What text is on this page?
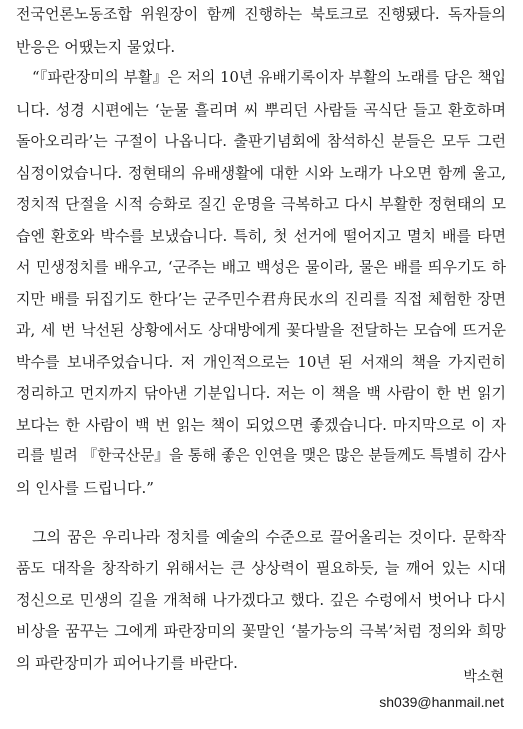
전국언론노동조합 위원장이 함께 진행하는 북토크로 진행됐다. 독자들의
반응은 어땠는지 물었다.
“『파란장미의 부활』은 저의 10년 유배기록이자 부활의 노래를 담은 책입
니다. 성경 시편에는 ‘눈물 흘리며 씨 뿌리던 사람들 곡식단 들고 환호하며
돌아오리라’는 구절이 나옵니다. 출판기념회에 참석하신 분들은 모두 그런
심정이었습니다. 정현태의 유배생활에 대한 시와 노래가 나오면 함께 울고,
정치적 단절을 시적 승화로 질긴 운명을 극복하고 다시 부활한 정현태의 모
습엔 환호와 박수를 보냈습니다. 특히, 첫 선거에 떨어지고 멸치 배를 타면
서 민생정치를 배우고, ‘군주는 배고 백성은 물이라, 물은 배를 띄우기도 하
지만 배를 뒤집기도 한다’는 군주민수君舟民水의 진리를 직접 체험한 장면
과, 세 번 낙선된 상황에서도 상대방에게 꽃다발을 전달하는 모습에 뜨거운
박수를 보내주었습니다. 저 개인적으로는 10년 된 서재의 책을 가지런히
정리하고 먼지까지 닦아낸 기분입니다. 저는 이 책을 백 사람이 한 번 읽기
보다는 한 사람이 백 번 읽는 책이 되었으면 좋겠습니다. 마지막으로 이 자
리를 빌려 『한국산문』을 통해 좋은 인연을 맺은 많은 분들께도 특별히 감사
의 인사를 드립니다.”
그의 꿈은 우리나라 정치를 예술의 수준으로 끌어올리는 것이다. 문학작
품도 대작을 창작하기 위해서는 큰 상상력이 필요하듯, 늘 깨어 있는 시대
정신으로 민생의 길을 개척해 나가겠다고 했다. 깊은 수렁에서 벗어나 다시
비상을 꿈꾸는 그에게 파란장미의 꽃말인 ‘불가능의 극복’처럼 정의와 희망
의 파란장미가 피어나기를 바란다.
박소현
sh039@hanmail.net
